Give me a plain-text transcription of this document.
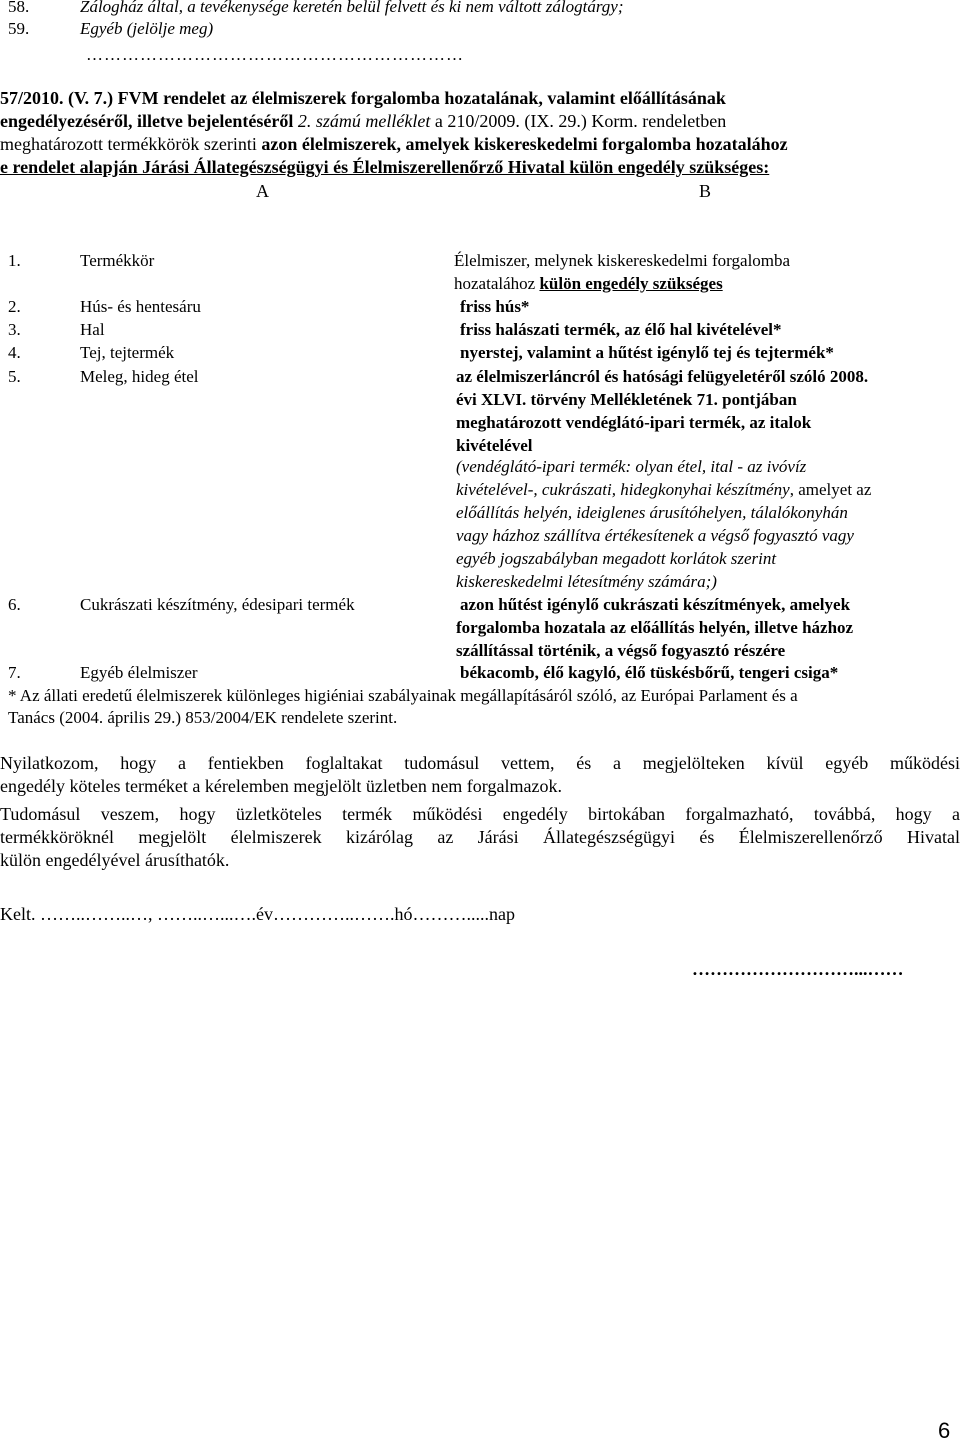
58.	Zálogház által, a tevékenysége keretén belül felvett és ki nem váltott zálogtárgy;
59.	Egyéb (jelölje meg)
………………………………………………………
57/2010. (V. 7.) FVM rendelet az élelmiszerek forgalomba hozatalának, valamint előállításának
engedélyezéséről, illetve bejelentéséről 2. számú melléklet a 210/2009. (IX. 29.) Korm. rendeletben
meghatározott termékkörök szerinti azon élelmiszerek, amelyek kiskereskedelmi forgalomba hozatalához
e rendelet alapján Járási Állategészségügyi és Élelmiszerellenőrző Hivatal külön engedély szükséges:
A	B
1.	Termékkör	Élelmiszer, melynek kiskereskedelmi forgalomba
hozatalához külön engedély szükséges
2.	Hús- és hentesáru	friss hús*
3.	Hal	friss halászati termék, az élő hal kivételével*
4.	Tej, tejtermék	nyerstej, valamint a hűtést igénylő tej és tejtermék*
5.	Meleg, hideg étel	az élelmiszerláncról és hatósági felügyeletéről szóló 2008.
évi XLVI. törvény Mellékletének 71. pontjában
meghatározott vendéglátó-ipari termék, az italok
kivételével
(vendéglátó-ipari termék: olyan étel, ital - az ivóvíz
kivételével-, cukrászati, hidegkonyhai készítmény, amelyet az
előállítás helyén, ideiglenes árusítóhelyen, tálalókonyhán
vagy házhoz szállítva értékesítenek a végső fogyasztó vagy
egyéb jogszabályban megadott korlátok szerint
kiskereskedelmi létesítmény számára;)
6.	Cukrászati készítmény, édesipari termék	azon hűtést igénylő cukrászati készítmények, amelyek
forgalomba hozatala az előállítás helyén, illetve házhoz
szállítással történik, a végső fogyasztó részére
7.	Egyéb élelmiszer	békacomb, élő kagyló, élő tüskésbőrű, tengeri csiga*
* Az állati eredetű élelmiszerek különleges higiéniai szabályainak megállapításáról szóló, az Európai Parlament és a
Tanács (2004. április 29.) 853/2004/EK rendelete szerint.
Nyilatkozom, hogy a fentiekben foglaltakat tudomásul vettem, és a megjelölteken kívül egyéb működési
engedély köteles terméket a kérelemben megjelölt üzletben nem forgalmazok.
Tudomásul veszem, hogy üzletköteles termék működési engedély birtokában forgalmazható, továbbá, hogy a
termékköröknél megjelölt élelmiszerek kizárólag az Járási Állategészségügyi és Élelmiszerellenőrző Hivatal
külön engedélyével árusíthatók.
Kelt. ……..……..…, ……..…...….év…………..…….hó……….....nap
………………………...……
6
